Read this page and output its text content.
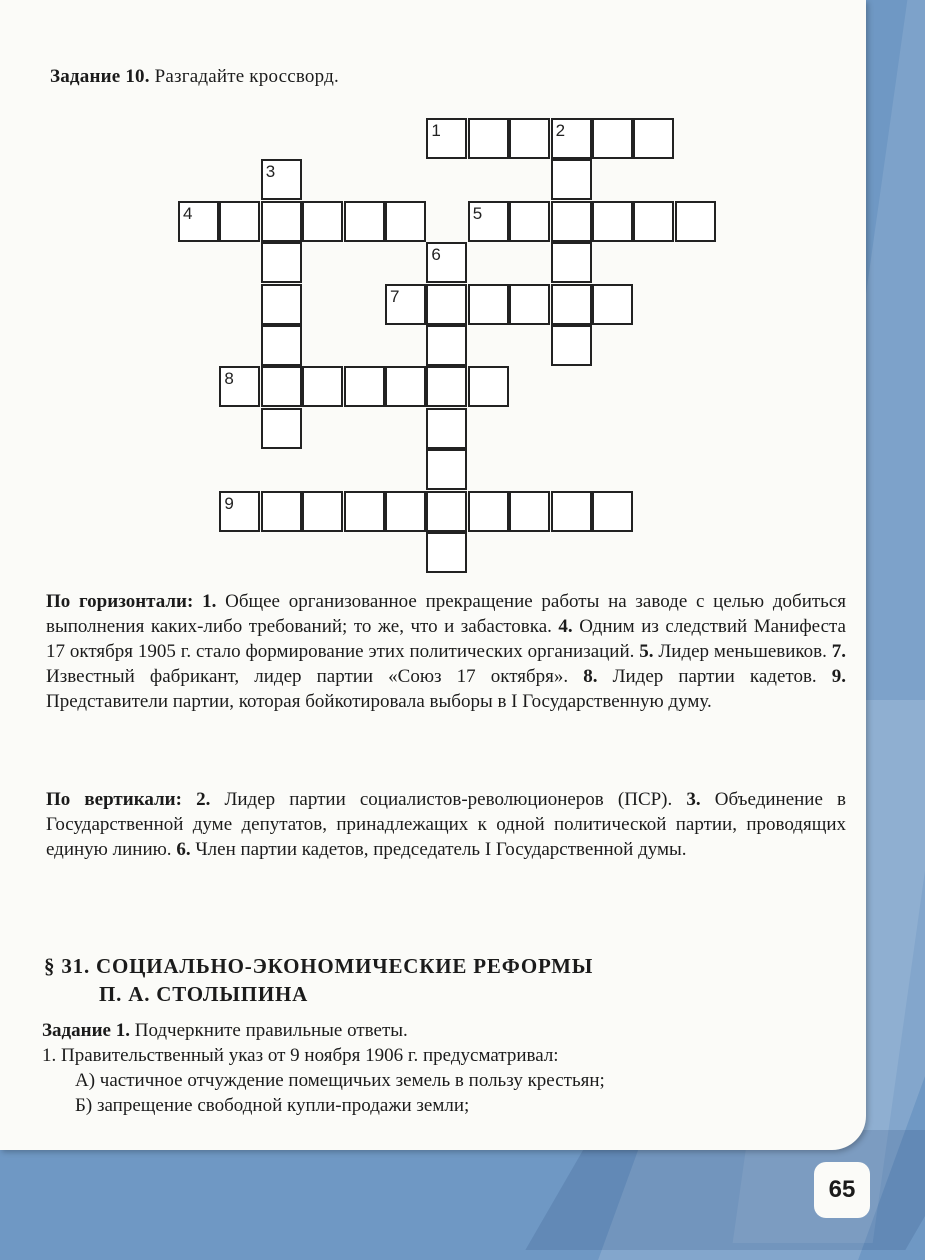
Задание 10. Разгадайте кроссворд.
1	2
3
4	5
6
7
8
9
По горизонтали: 1. Общее организованное прекращение работы на заводе с целью добиться выполнения каких-либо требований; то же, что и забастовка. 4. Одним из следствий Манифеста 17 октября 1905 г. стало формирование этих политических организаций. 5. Лидер меньшевиков. 7. Известный фабрикант, лидер партии «Союз 17 октября». 8. Лидер партии кадетов. 9. Представители партии, которая бойкотировала выборы в I Государственную думу.
По вертикали: 2. Лидер партии социалистов-революционеров (ПСР). 3. Объединение в Государственной думе депутатов, принадлежащих к одной политической партии, проводящих единую линию. 6. Член партии кадетов, председатель I Государственной думы.
§ 31. СОЦИАЛЬНО-ЭКОНОМИЧЕСКИЕ РЕФОРМЫ
П. А. СТОЛЫПИНА
Задание 1. Подчеркните правильные ответы.
1. Правительственный указ от 9 ноября 1906 г. предусматривал:
А) частичное отчуждение помещичьих земель в пользу крестьян;
Б) запрещение свободной купли-продажи земли;
65
